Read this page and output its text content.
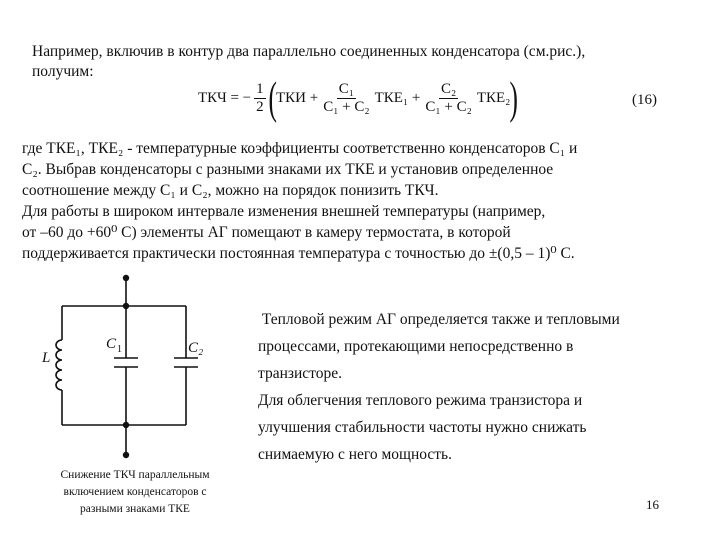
Например, включив в контур два параллельно соединенных конденсатора (см.рис.),
получим:
ТКЧ = − $\frac{1}{2}$ ( ТКИ + $\frac{\text{C₁}}{\text{C₁ + C₂}} ТКЕ_1 + \frac{\text{C₂}}{\text{C₁ + C₂}} ТКЕ_2$ )	(16)
где ТКЕ₁, ТКЕ₂ - температурные коэффициенты соответственно конденсаторов C₁ и
C₂. Выбрав конденсаторы с разными знаками их ТКЕ и установив определенное
соотношение между C₁ и C₂, можно на порядок понизить ТКЧ.
Для работы в широком интервале изменения внешней температуры (например,
от –60 до +60⁰ С) элементы АГ помещают в камеру термостата, в которой
поддерживается практически постоянная температура с точностью до ±(0,5 – 1)⁰ С.
L
C 1	C₂
Тепловой режим АГ определяется также и тепловыми
процессами, протекающими непосредственно в
транзисторе.
Для облегчения теплового режима транзистора и
улучшения стабильности частоты нужно снижать
снимаемую с него мощность.
Снижение ТКЧ параллельным
включением конденсаторов с
разными знаками ТКЕ	16
